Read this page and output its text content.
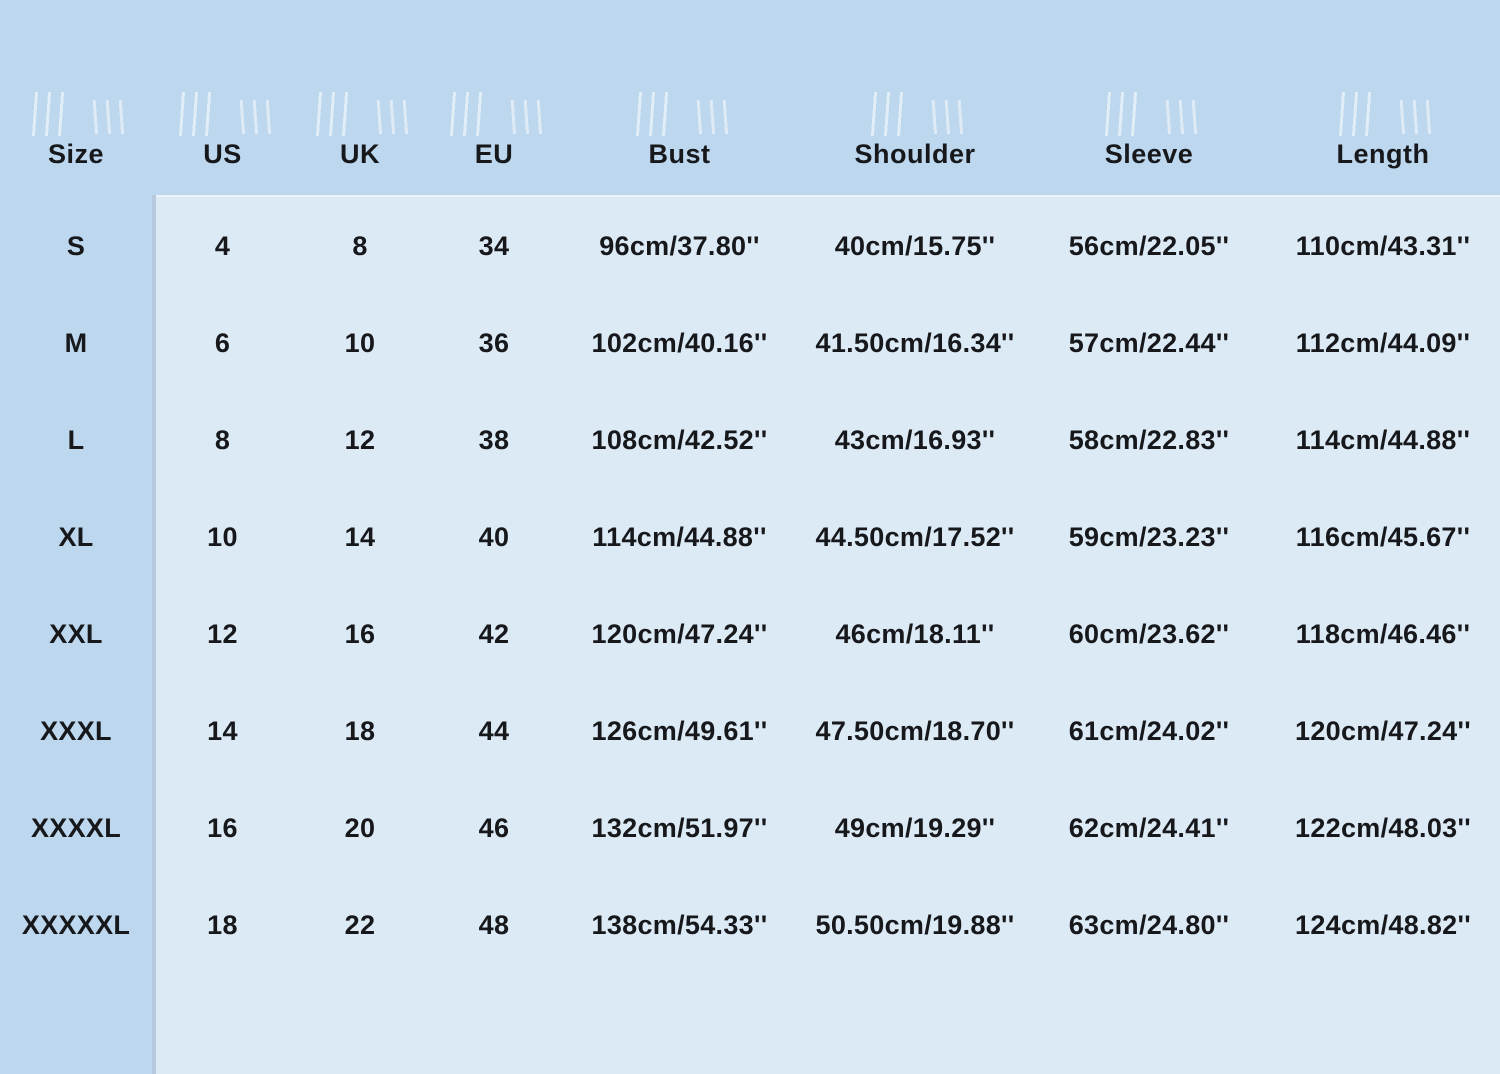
Size	US	UK	EU	Bust	Shoulder	Sleeve	Length
S	4	8	34	96cm/37.80''	40cm/15.75''	56cm/22.05''	110cm/43.31''
M	6	10	36	102cm/40.16''	41.50cm/16.34''	57cm/22.44''	112cm/44.09''
L	8	12	38	108cm/42.52''	43cm/16.93''	58cm/22.83''	114cm/44.88''
XL	10	14	40	114cm/44.88''	44.50cm/17.52''	59cm/23.23''	116cm/45.67''
XXL	12	16	42	120cm/47.24''	46cm/18.11''	60cm/23.62''	118cm/46.46''
XXXL	14	18	44	126cm/49.61''	47.50cm/18.70''	61cm/24.02''	120cm/47.24''
XXXXL	16	20	46	132cm/51.97''	49cm/19.29''	62cm/24.41''	122cm/48.03''
XXXXXL	18	22	48	138cm/54.33''	50.50cm/19.88''	63cm/24.80''	124cm/48.82''
